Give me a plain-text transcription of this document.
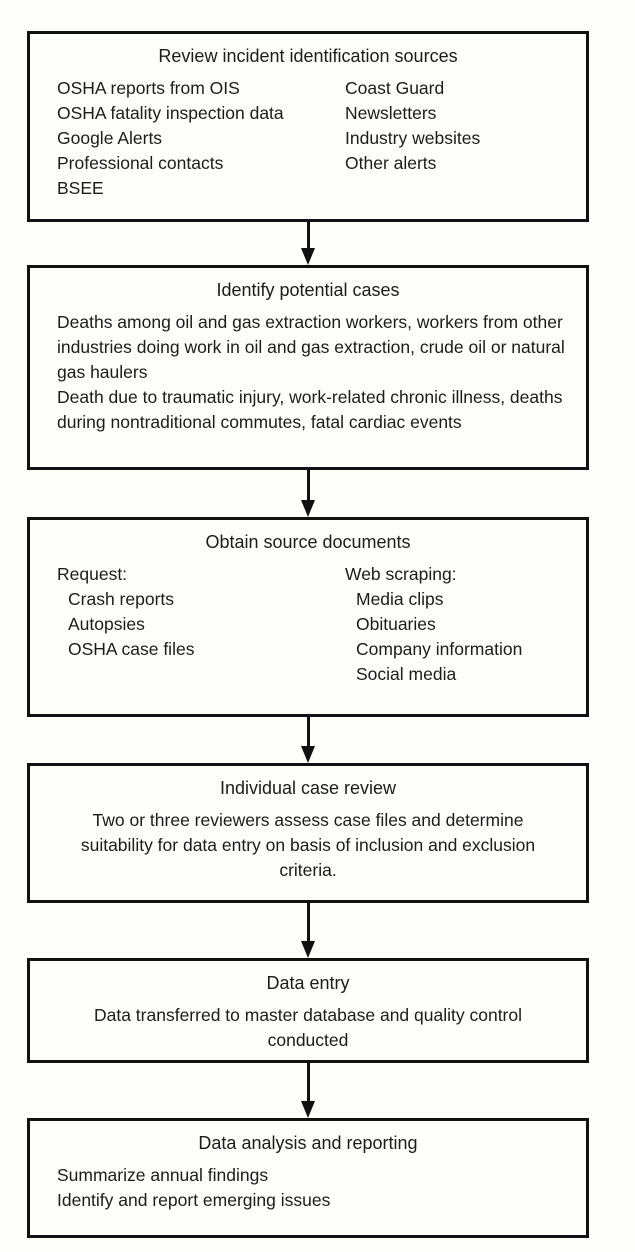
Review incident identification sources
OSHA reports from OIS
OSHA fatality inspection data
Google Alerts
Professional contacts
BSEE
Coast Guard
Newsletters
Industry websites
Other alerts
Identify potential cases

Deaths among oil and gas extraction workers, workers from other industries doing work in oil and gas extraction, crude oil or natural gas haulers

Death due to traumatic injury, work-related chronic illness, deaths during nontraditional commutes, fatal cardiac events

Obtain source documents
Request:
Crash reports
Autopsies
OSHA case files
Web scraping:
Media clips
Obituaries
Company information
Social media
Individual case review
Two or three reviewers assess case files and determine suitability for data entry on basis of inclusion and exclusion criteria.
Data entry
Data transferred to master database and quality control conducted
Data analysis and reporting
Summarize annual findings
Identify and report emerging issues
